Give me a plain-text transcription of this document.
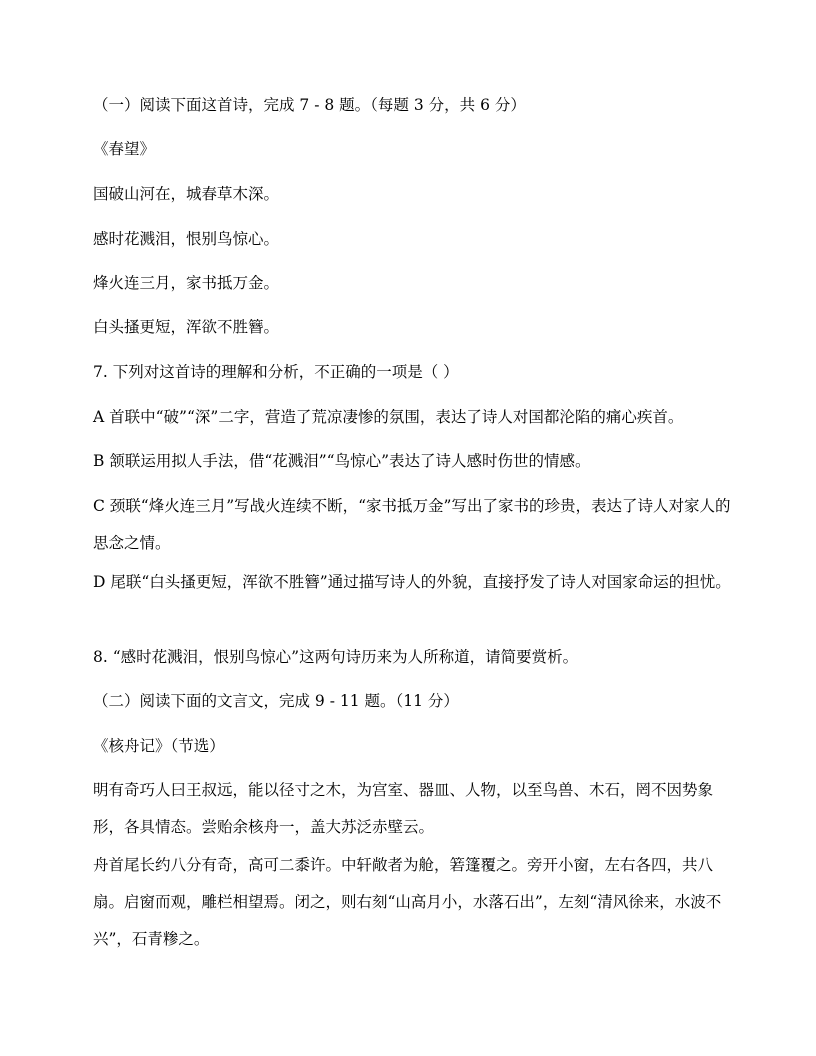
（一）阅读下面这首诗，完成 7 - 8 题。（每题 3 分，共 6 分）
《春望》
国破山河在，城春草木深。
感时花溅泪，恨别鸟惊心。
烽火连三月，家书抵万金。
白头搔更短，浑欲不胜簪。
7. 下列对这首诗的理解和分析，不正确的一项是（ ）
A 首联中“破”“深”二字，营造了荒凉凄惨的氛围，表达了诗人对国都沦陷的痛心疾首。
B 颔联运用拟人手法，借“花溅泪”“鸟惊心”表达了诗人感时伤世的情感。
C 颈联“烽火连三月”写战火连续不断，“家书抵万金”写出了家书的珍贵，表达了诗人对家人的思念之情。
D 尾联“白头搔更短，浑欲不胜簪”通过描写诗人的外貌，直接抒发了诗人对国家命运的担忧。
8. “感时花溅泪，恨别鸟惊心”这两句诗历来为人所称道，请简要赏析。
（二）阅读下面的文言文，完成 9 - 11 题。（11 分）
《核舟记》（节选）
明有奇巧人曰王叔远，能以径寸之木，为宫室、器皿、人物，以至鸟兽、木石，罔不因势象形，各具情态。尝贻余核舟一，盖大苏泛赤壁云。
舟首尾长约八分有奇，高可二黍许。中轩敞者为舱，箬篷覆之。旁开小窗，左右各四，共八扇。启窗而观，雕栏相望焉。闭之，则右刻“山高月小，水落石出”，左刻“清风徐来，水波不兴”，石青糁之。
